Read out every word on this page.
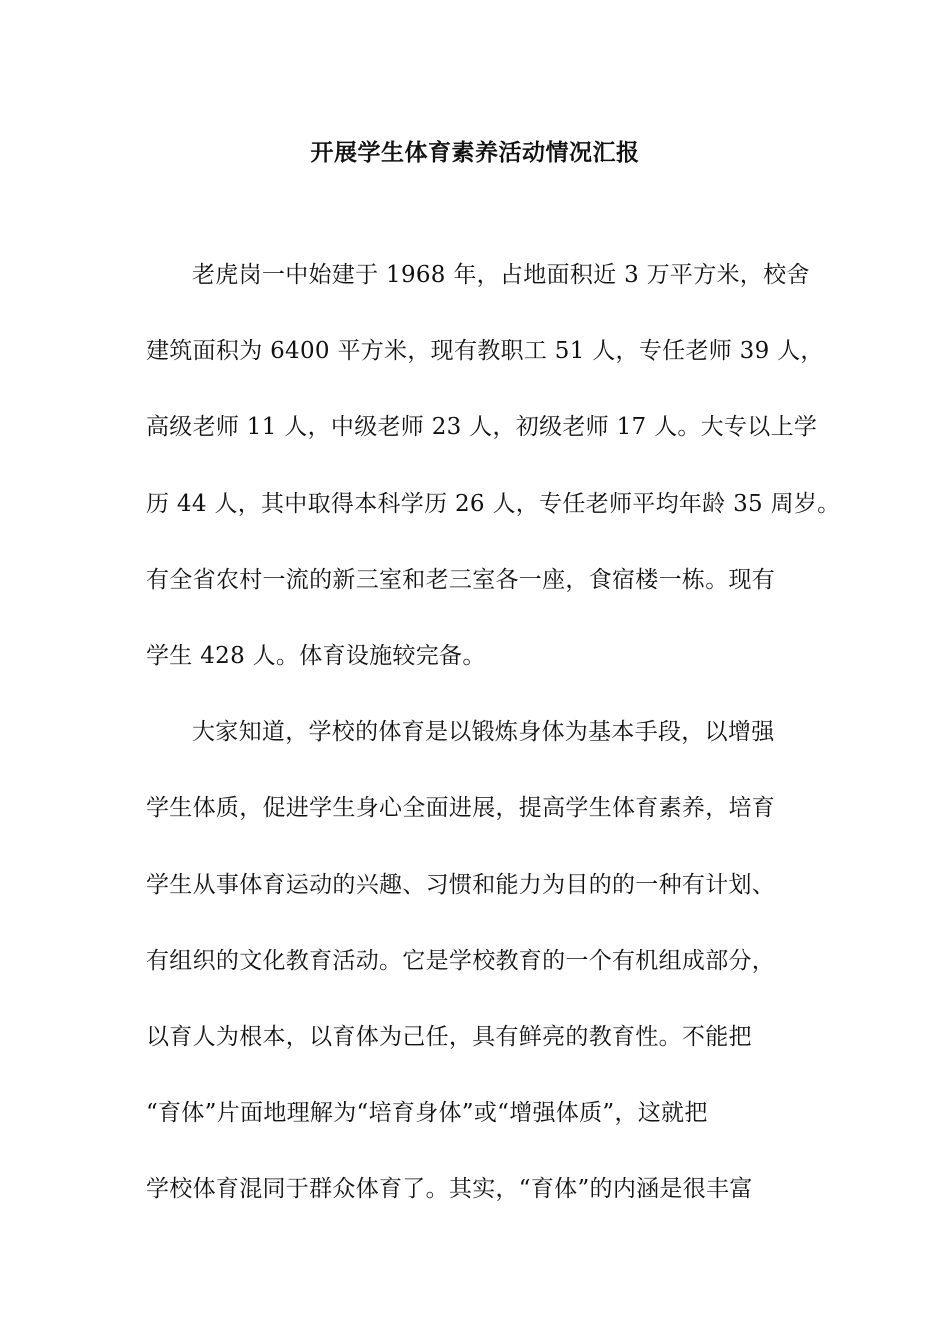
开展学生体育素养活动情况汇报
老虎岗一中始建于 1968 年，占地面积近 3 万平方米，校舍
建筑面积为 6400 平方米，现有教职工 51 人，专任老师 39 人，
高级老师 11 人，中级老师 23 人，初级老师 17 人。大专以上学
历 44 人，其中取得本科学历 26 人，专任老师平均年龄 35 周岁。
有全省农村一流的新三室和老三室各一座，食宿楼一栋。现有
学生 428 人。体育设施较完备。
大家知道，学校的体育是以锻炼身体为基本手段，以增强
学生体质，促进学生身心全面进展，提高学生体育素养，培育
学生从事体育运动的兴趣、习惯和能力为目的的一种有计划、
有组织的文化教育活动。它是学校教育的一个有机组成部分，
以育人为根本，以育体为己任，具有鲜亮的教育性。不能把
“育体”片面地理解为“培育身体”或“增强体质”，这就把
学校体育混同于群众体育了。其实，“育体”的内涵是很丰富
